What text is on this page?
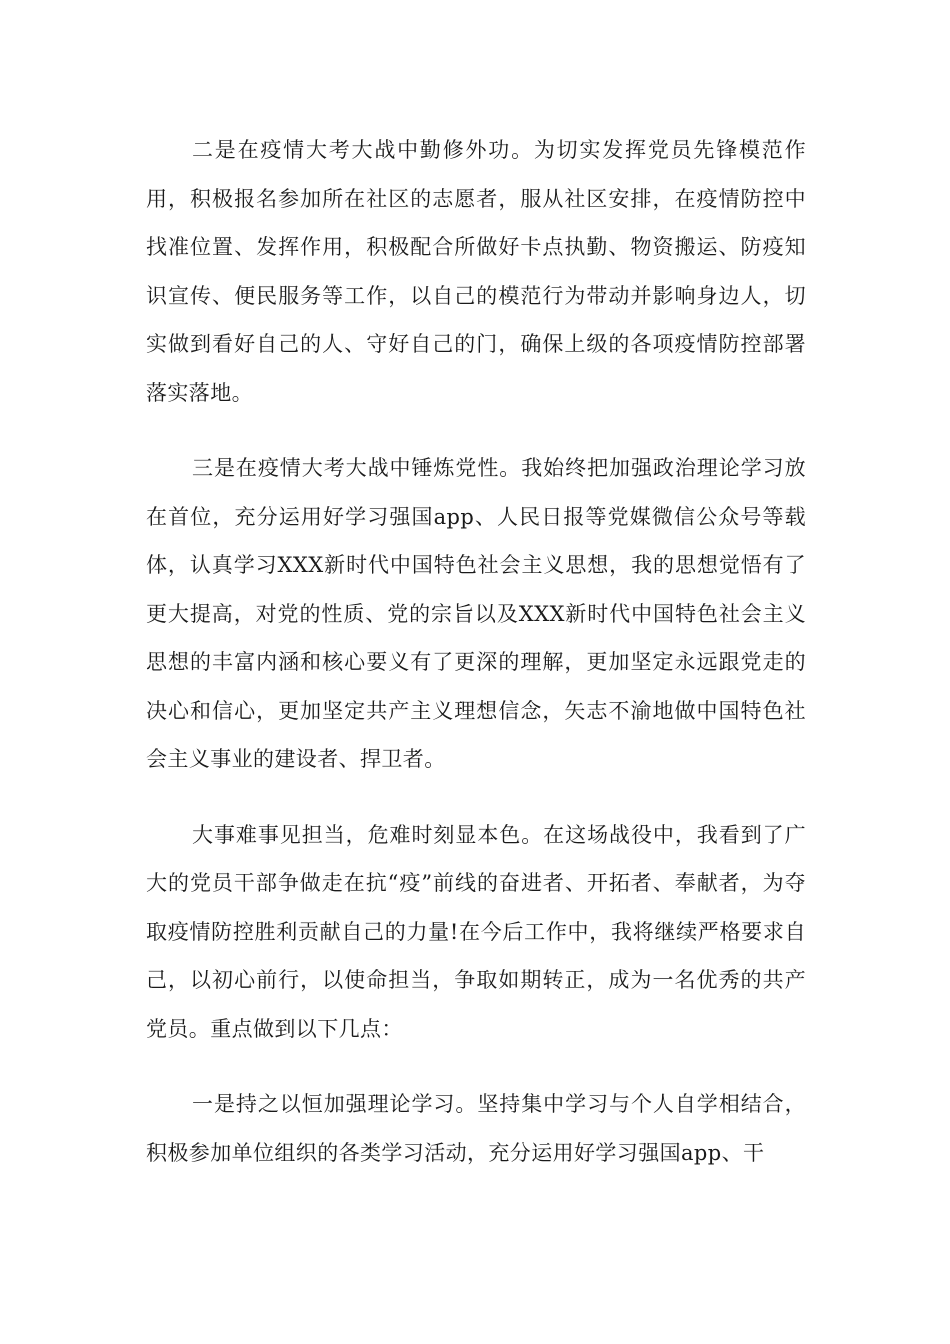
二是在疫情大考大战中勤修外功。为切实发挥党员先锋模范作用，积极报名参加所在社区的志愿者，服从社区安排，在疫情防控中找准位置、发挥作用，积极配合所做好卡点执勤、物资搬运、防疫知识宣传、便民服务等工作，以自己的模范行为带动并影响身边人，切实做到看好自己的人、守好自己的门，确保上级的各项疫情防控部署落实落地。

三是在疫情大考大战中锤炼党性。我始终把加强政治理论学习放在首位，充分运用好学习强国app、人民日报等党媒微信公众号等载体，认真学习XXX新时代中国特色社会主义思想，我的思想觉悟有了更大提高，对党的性质、党的宗旨以及XXX新时代中国特色社会主义思想的丰富内涵和核心要义有了更深的理解，更加坚定永远跟党走的决心和信心，更加坚定共产主义理想信念，矢志不渝地做中国特色社会主义事业的建设者、捍卫者。

大事难事见担当，危难时刻显本色。在这场战役中，我看到了广大的党员干部争做走在抗“疫”前线的奋进者、开拓者、奉献者，为夺取疫情防控胜利贡献自己的力量!在今后工作中，我将继续严格要求自己，以初心前行，以使命担当，争取如期转正，成为一名优秀的共产党员。重点做到以下几点：

一是持之以恒加强理论学习。坚持集中学习与个人自学相结合，积极参加单位组织的各类学习活动，充分运用好学习强国app、干
